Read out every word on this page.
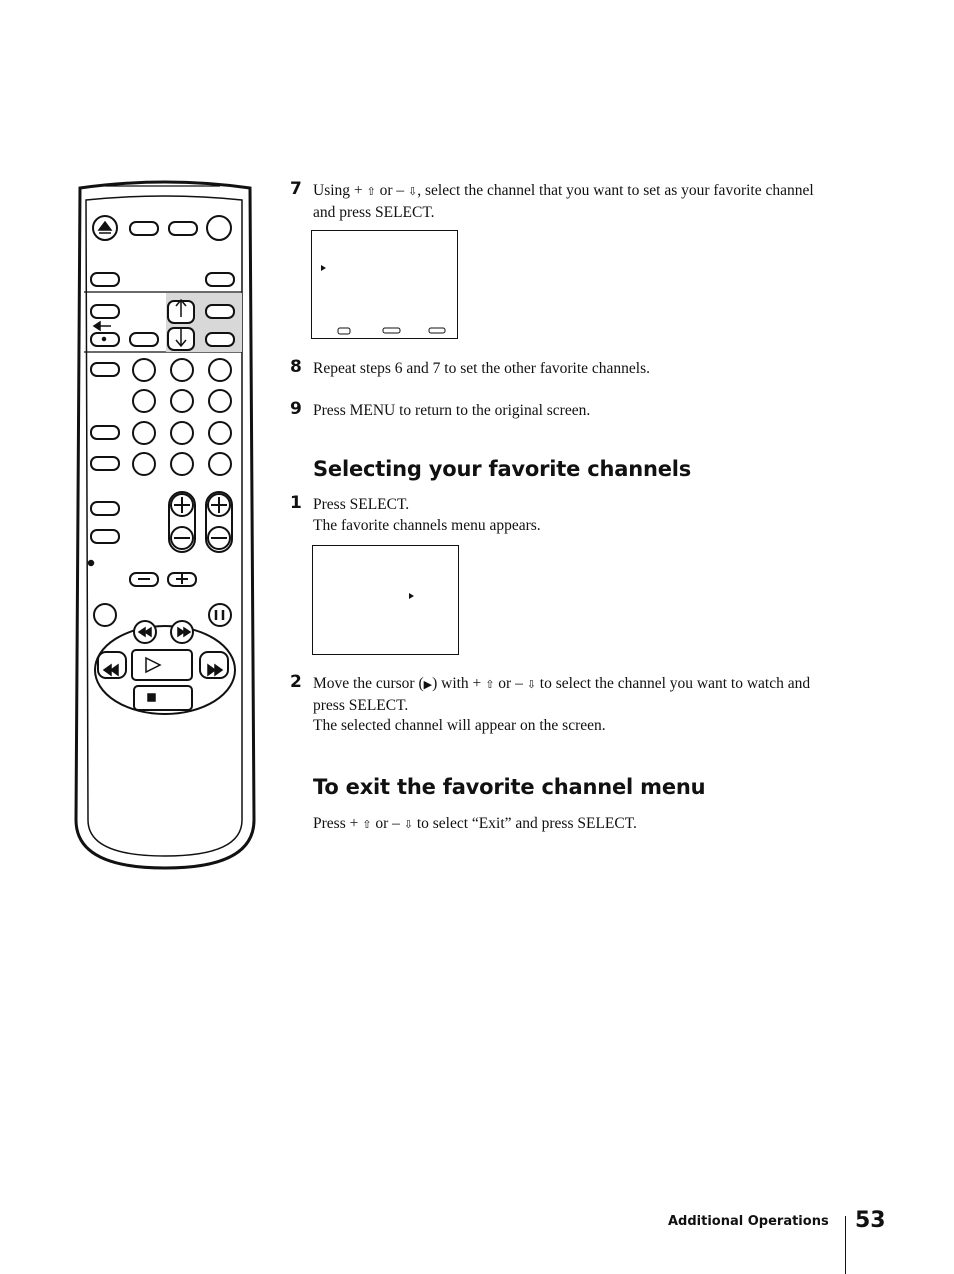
7 Using + ⇧ or – ⇩, select the channel that you want to set as your favorite channel and press SELECT.
8 Repeat steps 6 and 7 to set the other favorite channels.
9 Press MENU to return to the original screen.
Selecting your favorite channels
1 Press SELECT.
The favorite channels menu appears.
2 Move the cursor (▶) with + ⇧ or – ⇩ to select the channel you want to watch and press SELECT.
The selected channel will appear on the screen.
To exit the favorite channel menu
Press + ⇧ or – ⇩ to select “Exit” and press SELECT.
Additional Operations 53
